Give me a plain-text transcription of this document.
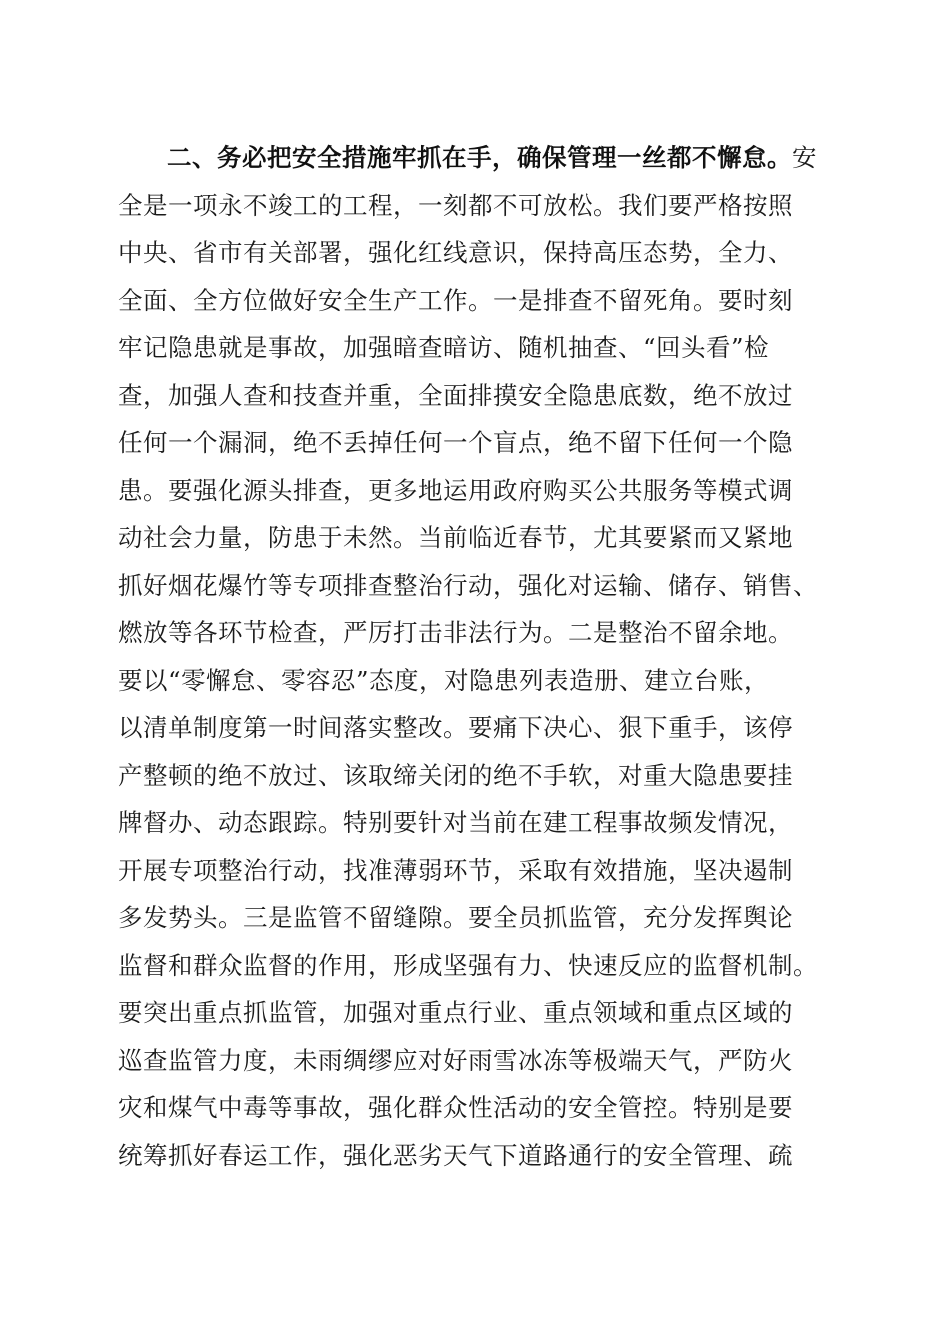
二、务必把安全措施牢抓在手，确保管理一丝都不懈怠。安
全是一项永不竣工的工程，一刻都不可放松。我们要严格按照
中央、省市有关部署，强化红线意识，保持高压态势，全力、
全面、全方位做好安全生产工作。一是排查不留死角。要时刻
牢记隐患就是事故，加强暗查暗访、随机抽查、“回头看”检
查，加强人查和技查并重，全面排摸安全隐患底数，绝不放过
任何一个漏洞，绝不丢掉任何一个盲点，绝不留下任何一个隐
患。要强化源头排查，更多地运用政府购买公共服务等模式调
动社会力量，防患于未然。当前临近春节，尤其要紧而又紧地
抓好烟花爆竹等专项排查整治行动，强化对运输、储存、销售、
燃放等各环节检查，严厉打击非法行为。二是整治不留余地。
要以“零懈怠、零容忍”态度，对隐患列表造册、建立台账，
以清单制度第一时间落实整改。要痛下决心、狠下重手，该停
产整顿的绝不放过、该取缔关闭的绝不手软，对重大隐患要挂
牌督办、动态跟踪。特别要针对当前在建工程事故频发情况，
开展专项整治行动，找准薄弱环节，采取有效措施，坚决遏制
多发势头。三是监管不留缝隙。要全员抓监管，充分发挥舆论
监督和群众监督的作用，形成坚强有力、快速反应的监督机制。
要突出重点抓监管，加强对重点行业、重点领域和重点区域的
巡查监管力度，未雨绸缪应对好雨雪冰冻等极端天气，严防火
灾和煤气中毒等事故，强化群众性活动的安全管控。特别是要
统筹抓好春运工作，强化恶劣天气下道路通行的安全管理、疏
